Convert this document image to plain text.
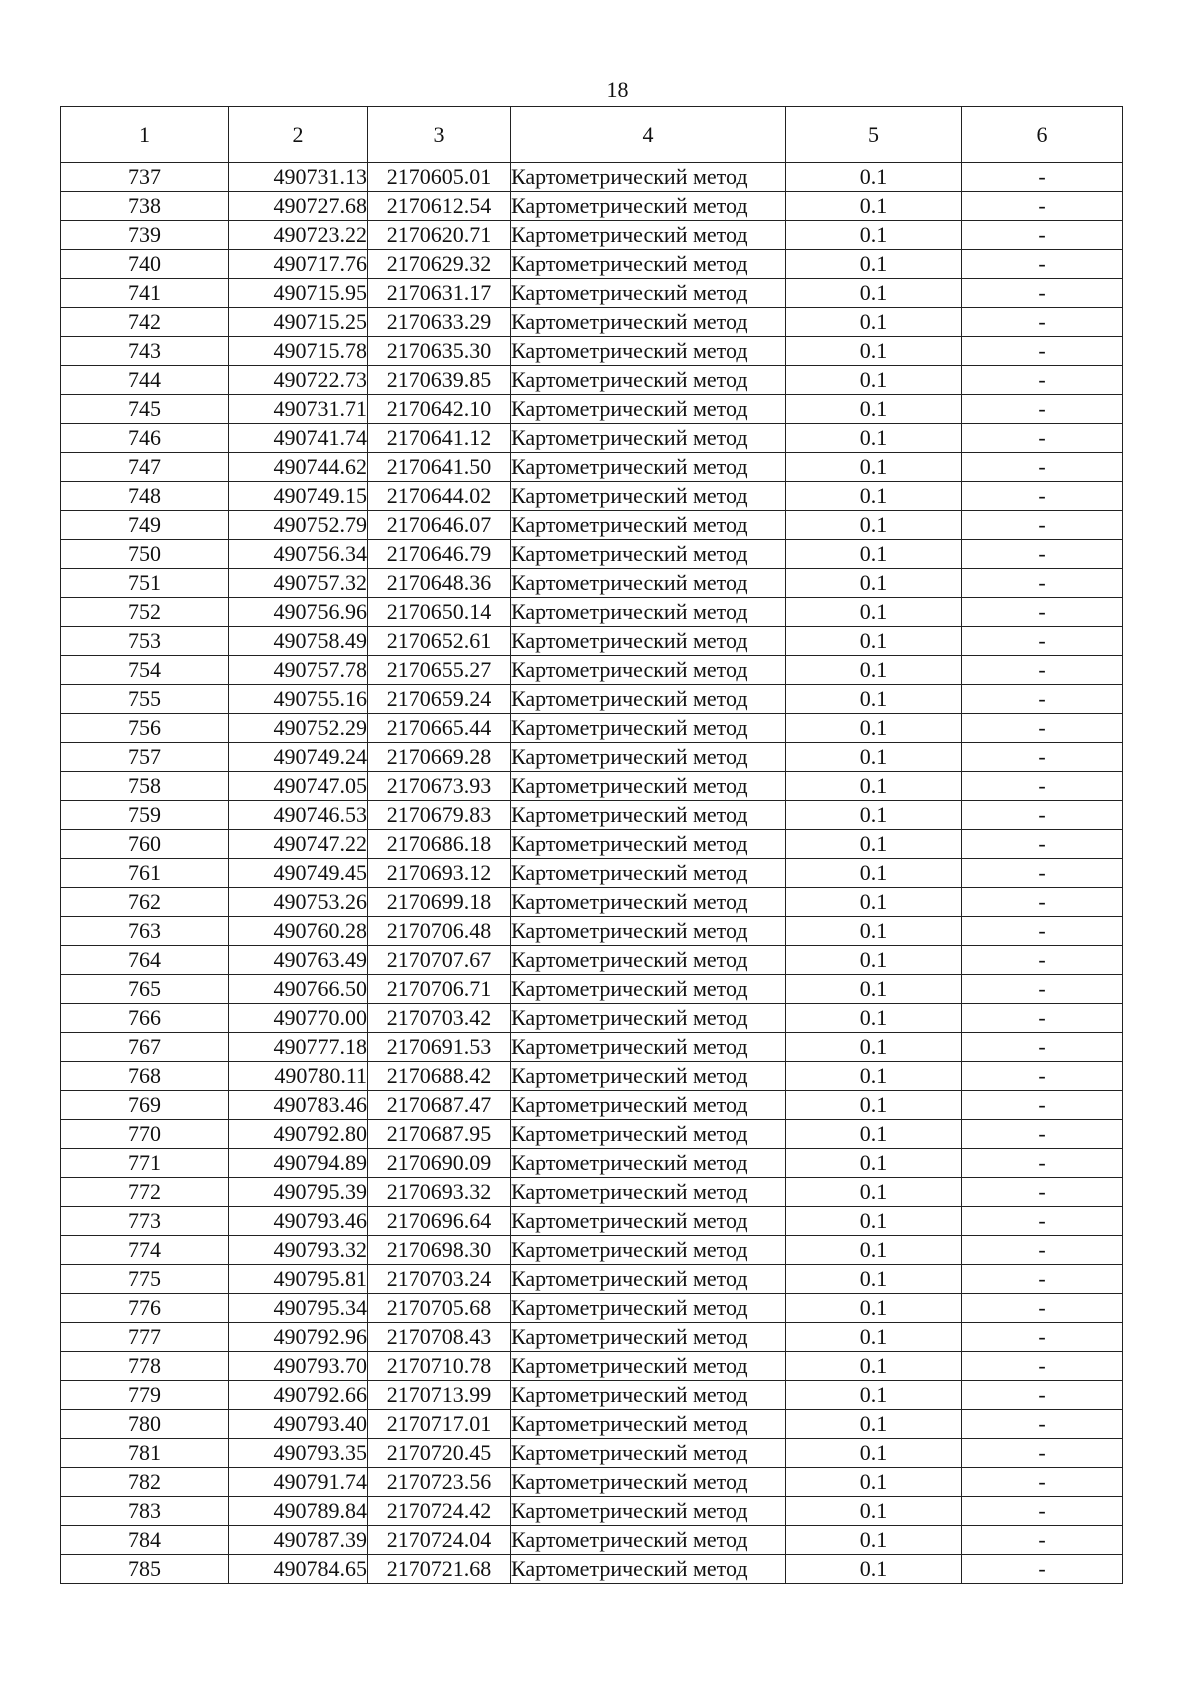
18
1	2	3	4	5	6
737	490731.13	2170605.01	Картометрический метод	0.1	-
738	490727.68	2170612.54	Картометрический метод	0.1	-
739	490723.22	2170620.71	Картометрический метод	0.1	-
740	490717.76	2170629.32	Картометрический метод	0.1	-
741	490715.95	2170631.17	Картометрический метод	0.1	-
742	490715.25	2170633.29	Картометрический метод	0.1	-
743	490715.78	2170635.30	Картометрический метод	0.1	-
744	490722.73	2170639.85	Картометрический метод	0.1	-
745	490731.71	2170642.10	Картометрический метод	0.1	-
746	490741.74	2170641.12	Картометрический метод	0.1	-
747	490744.62	2170641.50	Картометрический метод	0.1	-
748	490749.15	2170644.02	Картометрический метод	0.1	-
749	490752.79	2170646.07	Картометрический метод	0.1	-
750	490756.34	2170646.79	Картометрический метод	0.1	-
751	490757.32	2170648.36	Картометрический метод	0.1	-
752	490756.96	2170650.14	Картометрический метод	0.1	-
753	490758.49	2170652.61	Картометрический метод	0.1	-
754	490757.78	2170655.27	Картометрический метод	0.1	-
755	490755.16	2170659.24	Картометрический метод	0.1	-
756	490752.29	2170665.44	Картометрический метод	0.1	-
757	490749.24	2170669.28	Картометрический метод	0.1	-
758	490747.05	2170673.93	Картометрический метод	0.1	-
759	490746.53	2170679.83	Картометрический метод	0.1	-
760	490747.22	2170686.18	Картометрический метод	0.1	-
761	490749.45	2170693.12	Картометрический метод	0.1	-
762	490753.26	2170699.18	Картометрический метод	0.1	-
763	490760.28	2170706.48	Картометрический метод	0.1	-
764	490763.49	2170707.67	Картометрический метод	0.1	-
765	490766.50	2170706.71	Картометрический метод	0.1	-
766	490770.00	2170703.42	Картометрический метод	0.1	-
767	490777.18	2170691.53	Картометрический метод	0.1	-
768	490780.11	2170688.42	Картометрический метод	0.1	-
769	490783.46	2170687.47	Картометрический метод	0.1	-
770	490792.80	2170687.95	Картометрический метод	0.1	-
771	490794.89	2170690.09	Картометрический метод	0.1	-
772	490795.39	2170693.32	Картометрический метод	0.1	-
773	490793.46	2170696.64	Картометрический метод	0.1	-
774	490793.32	2170698.30	Картометрический метод	0.1	-
775	490795.81	2170703.24	Картометрический метод	0.1	-
776	490795.34	2170705.68	Картометрический метод	0.1	-
777	490792.96	2170708.43	Картометрический метод	0.1	-
778	490793.70	2170710.78	Картометрический метод	0.1	-
779	490792.66	2170713.99	Картометрический метод	0.1	-
780	490793.40	2170717.01	Картометрический метод	0.1	-
781	490793.35	2170720.45	Картометрический метод	0.1	-
782	490791.74	2170723.56	Картометрический метод	0.1	-
783	490789.84	2170724.42	Картометрический метод	0.1	-
784	490787.39	2170724.04	Картометрический метод	0.1	-
785	490784.65	2170721.68	Картометрический метод	0.1	-
